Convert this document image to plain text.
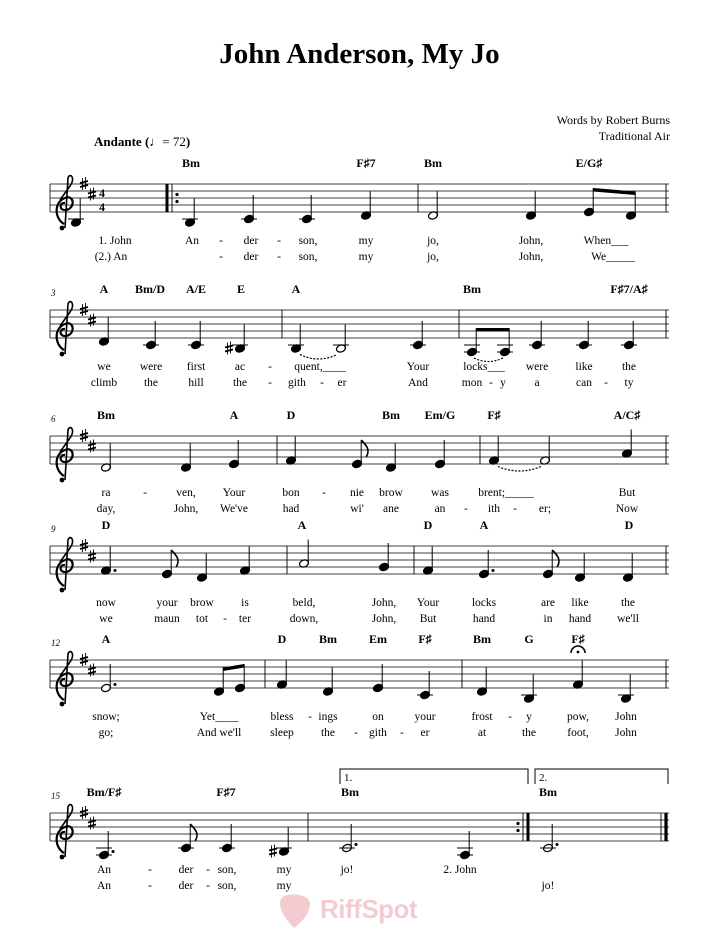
John Anderson, My Jo
Words by Robert Burns
Traditional Air
Andante (♩= 72)
4
4
Bm	F♯7	Bm	E/G♯
1. John	An - der - son,	my	jo,	John,	When___
(2.) An	- der - son,	my	jo,	John,	We_____
3	A Bm/D A/E	E	A	Bm	F♯7/A♯
we	were first	ac - quent,____	Your	locks___ were like	the
climb the	hill	the - gith - er	And	mon - y a	can - ty
6	Bm	A	D	Bm Em/G	F♯	A/C♯
ra	-	ven, Your	bon - nie brow was	brent;_____	But
day,	John, We've	had	wi' ane	an - ith - er;	Now
9	D	A	D	A	D
now	your brow is	beld,	John, Your	locks	are like	the
we	maun tot - ter	down,	John, But	hand	in hand we'll
12	A	D	Bm	Em	F♯	Bm	G	F♯
snow;	Yet____	bless - ings	on	your	frost - y	pow, John
go;	And we'll	sleep the - gith - er	at	the	foot, John
15 Bm/F♯	F♯7	Bm	Bm
An	- der - son,	my	jo!	2. John
An	- der - son,	my	jo!
1.	2.
RiffSpot
